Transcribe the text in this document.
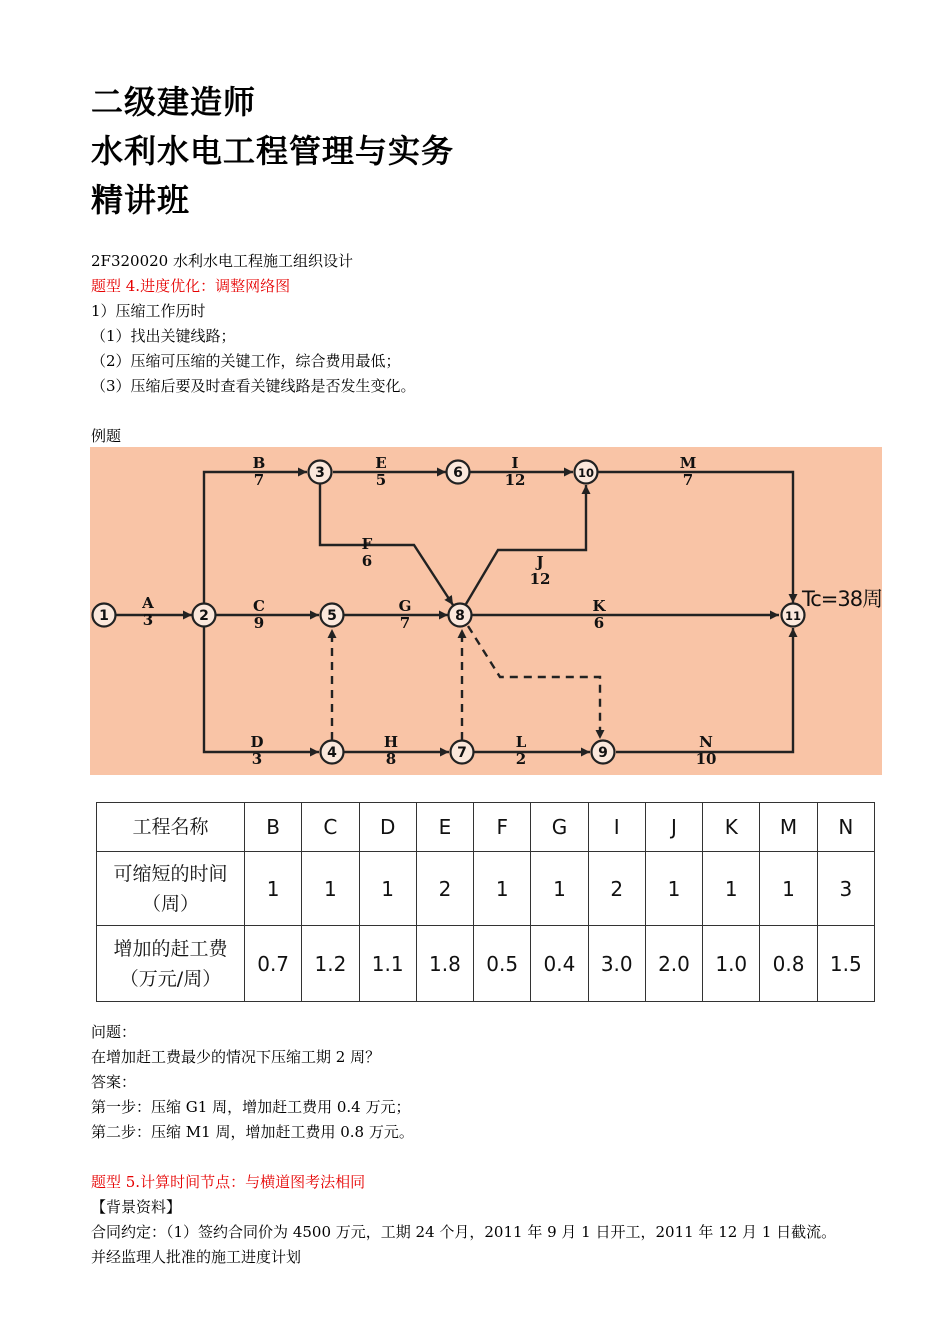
二级建造师
水利水电工程管理与实务
精讲班
2F320020 水利水电工程施工组织设计
题型 4.进度优化：调整网络图
1）压缩工作历时
（1）找出关键线路；
（2）压缩可压缩的关键工作，综合费用最低；
（3）压缩后要及时查看关键线路是否发生变化。
例题
1	2
3
4
5
6
7
8
9
10
11
A
3
B
7
C
9
D
3
E
5
F
6
G
7
H
8
I
12
J
12
K
6
L
2
M
7
N
10
Tc=38周
工程名称	B	C	D	E	F	G	I	J	K	M	N

可缩短的时间
（周）	1	1	1	2	1	1	2	1	1	1	3

增加的赶工费
（万元/周）	0.7	1.2	1.1	1.8	0.5	0.4	3.0	2.0	1.0	0.8	1.5
问题：
在增加赶工费最少的情况下压缩工期 2 周？
答案：
第一步：压缩 G1 周，增加赶工费用 0.4 万元；
第二步：压缩 M1 周，增加赶工费用 0.8 万元。
题型 5.计算时间节点：与横道图考法相同
【背景资料】
合同约定：（1）签约合同价为 4500 万元，工期 24 个月，2011 年 9 月 1 日开工，2011 年 12 月 1 日截流。
并经监理人批准的施工进度计划
